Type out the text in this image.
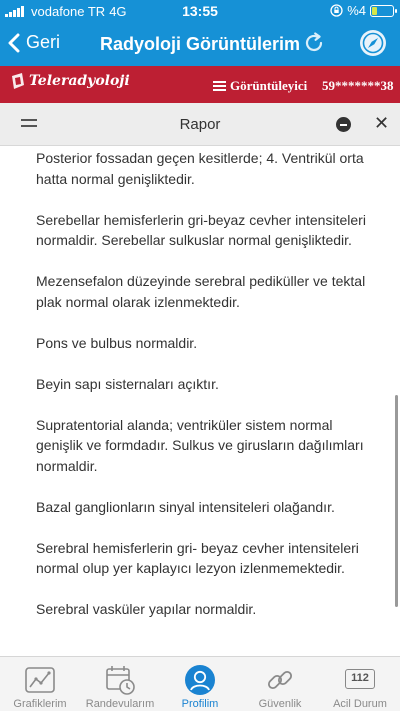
vodafone TR 4G	13:55	%4
Geri	Radyoloji Görüntülerim
Teleradyoloji	Görüntüleyici 59*******38
Rapor	✕

Posterior fossadan geçen kesitlerde; 4. Ventrikül orta hatta normal genişliktedir.

Serebellar hemisferlerin gri-beyaz cevher intensiteleri normaldir. Serebellar sulkuslar normal genişliktedir.

Mezensefalon düzeyinde serebral pediküller ve tektal plak normal olarak izlenmektedir.

Pons ve bulbus normaldir.

Beyin sapı sisternaları açıktır.

Supratentorial alanda; ventriküler sistem normal genişlik ve formdadır. Sulkus ve girusların dağılımları normaldir.

Bazal ganglionların sinyal intensiteleri olağandır.

Serebral hemisferlerin gri- beyaz cevher intensiteleri normal olup yer kaplayıcı lezyon izlenmemektedir.

Serebral vasküler yapılar normaldir.

Grafiklerim	Randevularım	Profilim	Güvenlik
112
Acil Durum
